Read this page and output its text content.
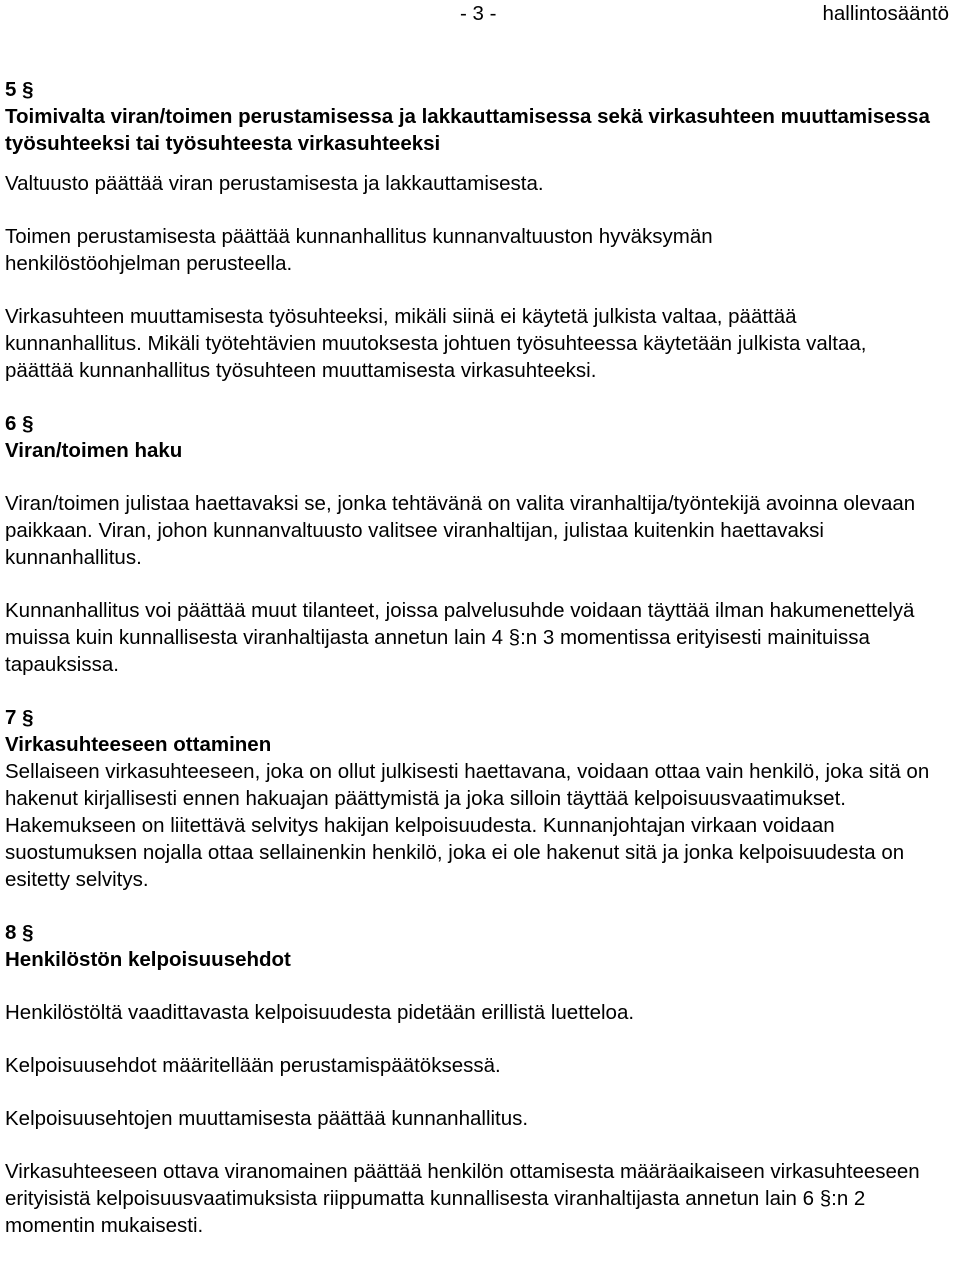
- 3 -	hallintosääntö

5 §

Toimivalta viran/toimen perustamisessa ja lakkauttamisessa sekä virkasuhteen muuttamisessa työsuhteeksi tai työsuhteesta virkasuhteeksi

Valtuusto päättää viran perustamisesta ja lakkauttamisesta.

Toimen perustamisesta päättää kunnanhallitus kunnanvaltuuston hyväksymän henkilöstöohjelman perusteella.

Virkasuhteen muuttamisesta työsuhteeksi, mikäli siinä ei käytetä julkista valtaa, päättää kunnanhallitus. Mikäli työtehtävien muutoksesta johtuen työsuhteessa käytetään julkista valtaa, päättää kunnanhallitus työsuhteen muuttamisesta virkasuhteeksi.

6 §

Viran/toimen haku

Viran/toimen julistaa haettavaksi se, jonka tehtävänä on valita viranhaltija/työntekijä avoinna olevaan paikkaan. Viran, johon kunnanvaltuusto valitsee viranhaltijan, julistaa kuitenkin haettavaksi kunnanhallitus.

Kunnanhallitus voi päättää muut tilanteet, joissa palvelusuhde voidaan täyttää ilman hakumenettelyä muissa kuin kunnallisesta viranhaltijasta annetun lain 4 §:n 3 momentissa erityisesti mainituissa tapauksissa.

7 §

Virkasuhteeseen ottaminen

Sellaiseen virkasuhteeseen, joka on ollut julkisesti haettavana, voidaan ottaa vain henkilö, joka sitä on hakenut kirjallisesti ennen hakuajan päättymistä ja joka silloin täyttää kelpoisuusvaatimukset. Hakemukseen on liitettävä selvitys hakijan kelpoisuudesta. Kunnanjohtajan virkaan voidaan suostumuksen nojalla ottaa sellainenkin henkilö, joka ei ole hakenut sitä ja jonka kelpoisuudesta on esitetty selvitys.

8 §

Henkilöstön kelpoisuusehdot

Henkilöstöltä vaadittavasta kelpoisuudesta pidetään erillistä luetteloa.

Kelpoisuusehdot määritellään perustamispäätöksessä.

Kelpoisuusehtojen muuttamisesta päättää kunnanhallitus.

Virkasuhteeseen ottava viranomainen päättää henkilön ottamisesta määräaikaiseen virkasuhteeseen erityisistä kelpoisuusvaatimuksista riippumatta kunnallisesta viranhaltijasta annetun lain 6 §:n 2 momentin mukaisesti.
